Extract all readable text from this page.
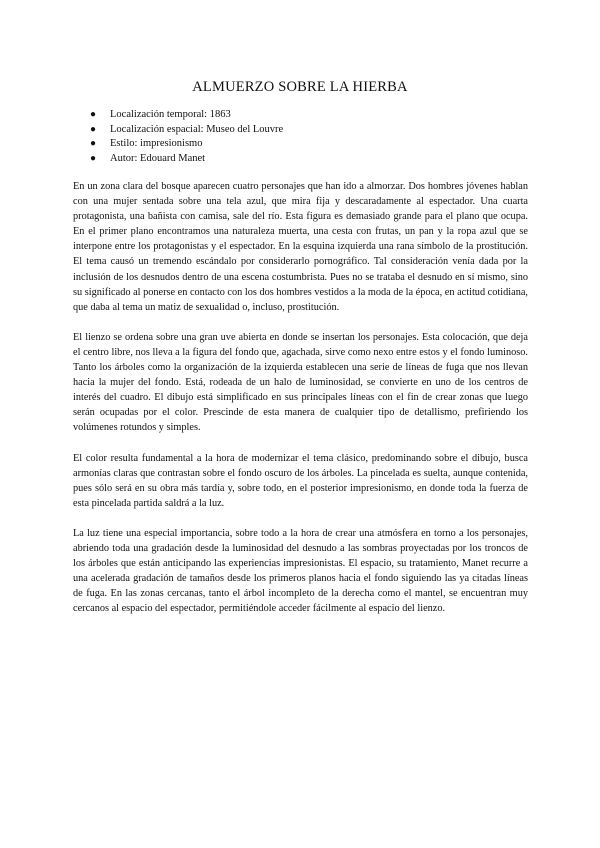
ALMUERZO SOBRE LA HIERBA
● Localización temporal: 1863
● Localización espacial: Museo del Louvre
● Estilo: impresionismo
● Autor: Edouard Manet

En un zona clara del bosque aparecen cuatro personajes que han ido a almorzar. Dos hombres jóvenes hablan con una mujer sentada sobre una tela azul, que mira fija y descaradamente al espectador. Una cuarta protagonista, una bañista con camisa, sale del río. Esta figura es demasiado grande para el plano que ocupa. En el primer plano encontramos una naturaleza muerta, una cesta con frutas, un pan y la ropa azul que se interpone entre los protagonistas y el espectador. En la esquina izquierda una rana símbolo de la prostitución. El tema causó un tremendo escándalo por considerarlo pornográfico. Tal consideración venía dada por la inclusión de los desnudos dentro de una escena costumbrista. Pues no se trataba el desnudo en sí mismo, sino su significado al ponerse en contacto con los dos hombres vestidos a la moda de la época, en actitud cotidiana, que daba al tema un matiz de sexualidad o, incluso, prostitución.

El lienzo se ordena sobre una gran uve abierta en donde se insertan los personajes. Esta colocación, que deja el centro libre, nos lleva a la figura del fondo que, agachada, sirve como nexo entre estos y el fondo luminoso. Tanto los árboles como la organización de la izquierda establecen una serie de líneas de fuga que nos llevan hacia la mujer del fondo. Está, rodeada de un halo de luminosidad, se convierte en uno de los centros de interés del cuadro. El dibujo está simplificado en sus principales líneas con el fin de crear zonas que luego serán ocupadas por el color. Prescinde de esta manera de cualquier tipo de detallismo, prefiriendo los volúmenes rotundos y simples.

El color resulta fundamental a la hora de modernizar el tema clásico, predominando sobre el dibujo, busca armonías claras que contrastan sobre el fondo oscuro de los árboles. La pincelada es suelta, aunque contenida, pues sólo será en su obra más tardía y, sobre todo, en el posterior impresionismo, en donde toda la fuerza de esta pincelada partida saldrá a la luz.

La luz tiene una especial importancia, sobre todo a la hora de crear una atmósfera en torno a los personajes, abriendo toda una gradación desde la luminosidad del desnudo a las sombras proyectadas por los troncos de los árboles que están anticipando las experiencias impresionistas. El espacio, su tratamiento, Manet recurre a una acelerada gradación de tamaños desde los primeros planos hacia el fondo siguiendo las ya citadas líneas de fuga. En las zonas cercanas, tanto el árbol incompleto de la derecha como el mantel, se encuentran muy cercanos al espacio del espectador, permitiéndole acceder fácilmente al espacio del lienzo.
